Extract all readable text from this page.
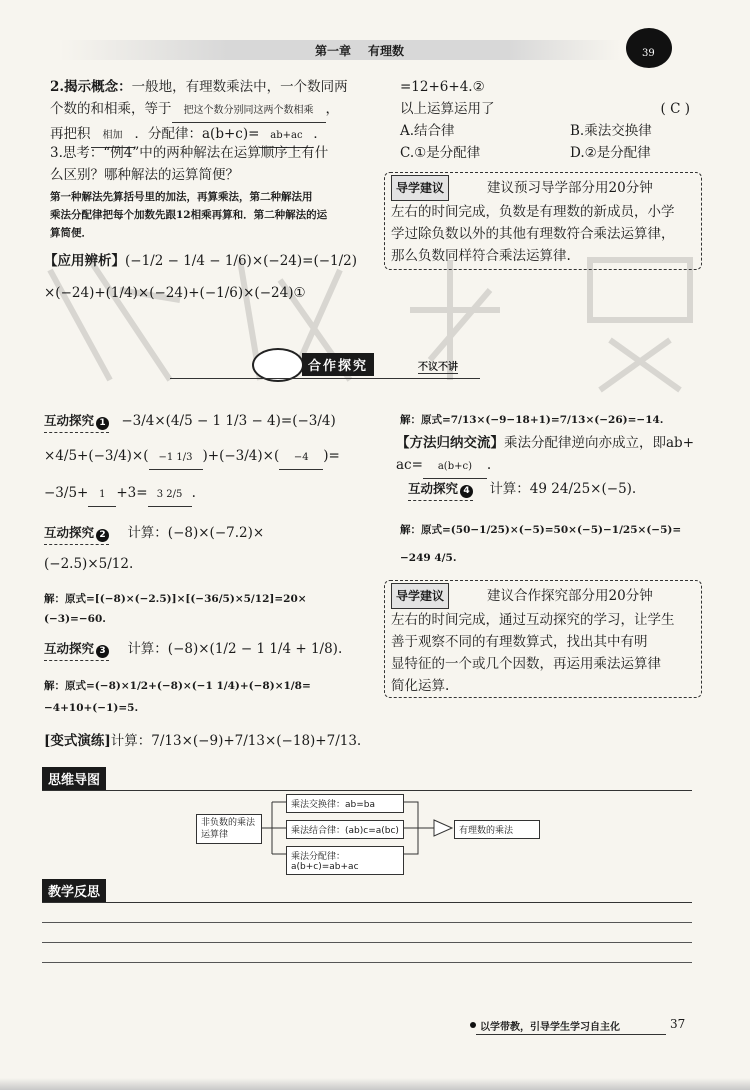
第一章 有理数	39
2.揭示概念：一般地，有理数乘法中，一个数同两
个数的和相乘，等于 把这个数分别同这两个数相乘 ，
再把积 相加 ．分配律：a(b+c)= ab+ac ．
3.思考：“例4”中的两种解法在运算顺序上有什
么区别？哪种解法的运算简便？
第一种解法先算括号里的加法，再算乘法，第二种解法用
乘法分配律把每个加数先跟12相乘再算和．第二种解法的运
算简便．
【应用辨析】(−1/2 − 1/4 − 1/6)×(−24)=(−1/2)
×(−24)+(1/4)×(−24)+(−1/6)×(−24)①
合作探究	不议不讲
互动探究 1 −3/4×(4/5 − 1 1/3 − 4)=(−3/4)
×4/5+(−3/4)×( −1 1/3 )+(−3/4)×( −4 )=
−3/5+ 1 +3= 3 2/5 .
互动探究 2 计算：(−8)×(−7.2)×
(−2.5)×5/12.
解：原式=[(−8)×(−2.5)]×[(−36/5)×5/12]=20×
(−3)=−60.
互动探究 3 计算：(−8)×(1/2 − 1 1/4 + 1/8).
解：原式=(−8)×1/2+(−8)×(−1 1/4)+(−8)×1/8=
−4+10+(−1)=5.
[变式演练]计算：7/13×(−9)+7/13×(−18)+7/13.
=12+6+4.②
以上运算运用了	( C )
A.结合律	B.乘法交换律
C.①是分配律	D.②是分配律
导学建议	建议预习导学部分用20分钟
左右的时间完成，负数是有理数的新成员，小学
学过除负数以外的其他有理数符合乘法运算律，
那么负数同样符合乘法运算律.
解：原式=7/13×(−9−18+1)=7/13×(−26)=−14.
【方法归纳交流】乘法分配律逆向亦成立，即ab+
ac= a(b+c) .
互动探究 4 计算：49 24/25×(−5).
解：原式=(50−1/25)×(−5)=50×(−5)−1/25×(−5)=
−249 4/5.
导学建议	建议合作探究部分用20分钟
左右的时间完成，通过互动探究的学习，让学生
善于观察不同的有理数算式，找出其中有明
显特征的一个或几个因数，再运用乘法运算律
简化运算.
思维导图
非负数的乘法运算律
乘法交换律：ab=ba
乘法结合律：(ab)c=a(bc)
乘法分配律：a(b+c)=ab+ac
有理数的乘法
教学反思
以学带教，引导学生学习自主化	37
